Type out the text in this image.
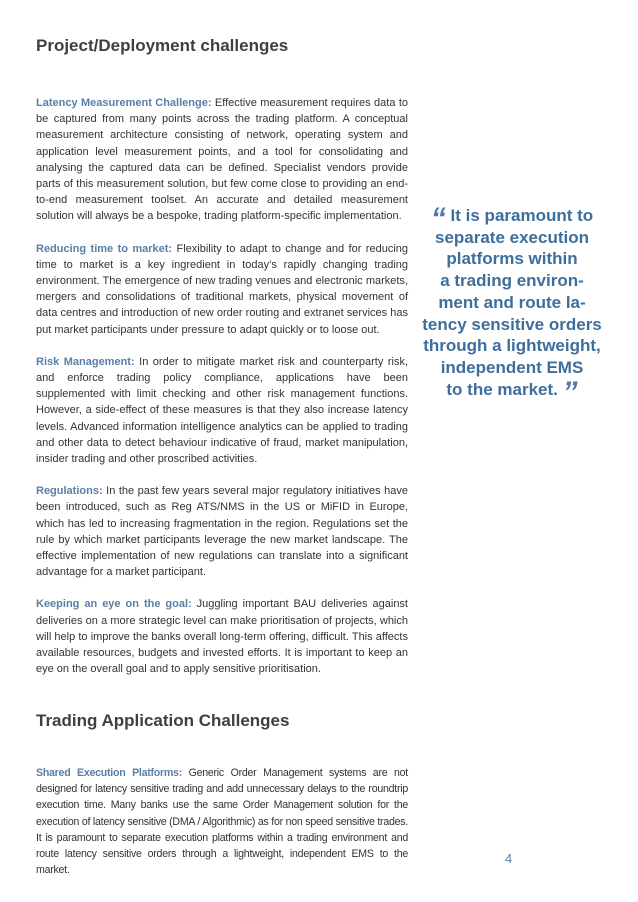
Project/Deployment challenges

Latency Measurement Challenge: Effective measurement requires data to be captured from many points across the trading platform. A conceptual measurement architecture consisting of network, operating system and application level measurement points, and a tool for consolidating and analysing the captured data can be defined. Specialist vendors provide parts of this measurement solution, but few come close to providing an end-to-end measurement toolset. An accurate and detailed measurement solution will always be a bespoke, trading platform-specific implementation.

Reducing time to market: Flexibility to adapt to change and for reducing time to market is a key ingredient in today’s rapidly changing trading environment. The emergence of new trading venues and electronic markets, mergers and consolidations of traditional markets, physical movement of data centres and introduction of new order routing and extranet services has put market participants under pressure to adapt quickly or to loose out.

Risk Management: In order to mitigate market risk and counterparty risk, and enforce trading policy compliance, applications have been supplemented with limit checking and other risk management functions. However, a side-effect of these measures is that they also increase latency levels. Advanced information intelligence analytics can be applied to trading and other data to detect behaviour indicative of fraud, market manipulation, insider trading and other proscribed activities.

Regulations: In the past few years several major regulatory initiatives have been introduced, such as Reg ATS/NMS in the US or MiFID in Europe, which has led to increasing fragmentation in the region. Regulations set the rule by which market participants leverage the new market landscape. The effective implementation of new regulations can translate into a significant advantage for a market participant.

Keeping an eye on the goal: Juggling important BAU deliveries against deliveries on a more strategic level can make prioritisation of projects, which will help to improve the banks overall long-term offering, difficult. This affects available resources, budgets and invested efforts. It is important to keep an eye on the overall goal and to apply sensitive prioritisation.

Trading Application Challenges

Shared Execution Platforms: Generic Order Management systems are not designed for latency sensitive trading and add unnecessary delays to the roundtrip execution time. Many banks use the same Order Management solution for the execution of latency sensitive (DMA / Algorithmic) as for non speed sensitive trades. It is paramount to separate execution platforms within a trading environment and route latency sensitive orders through a lightweight, independent EMS to the market.

“ It is paramount to
separate execution
platforms within
a trading environ-
ment and route la-
tency sensitive orders
through a lightweight,
independent EMS
to the market. ”
4
